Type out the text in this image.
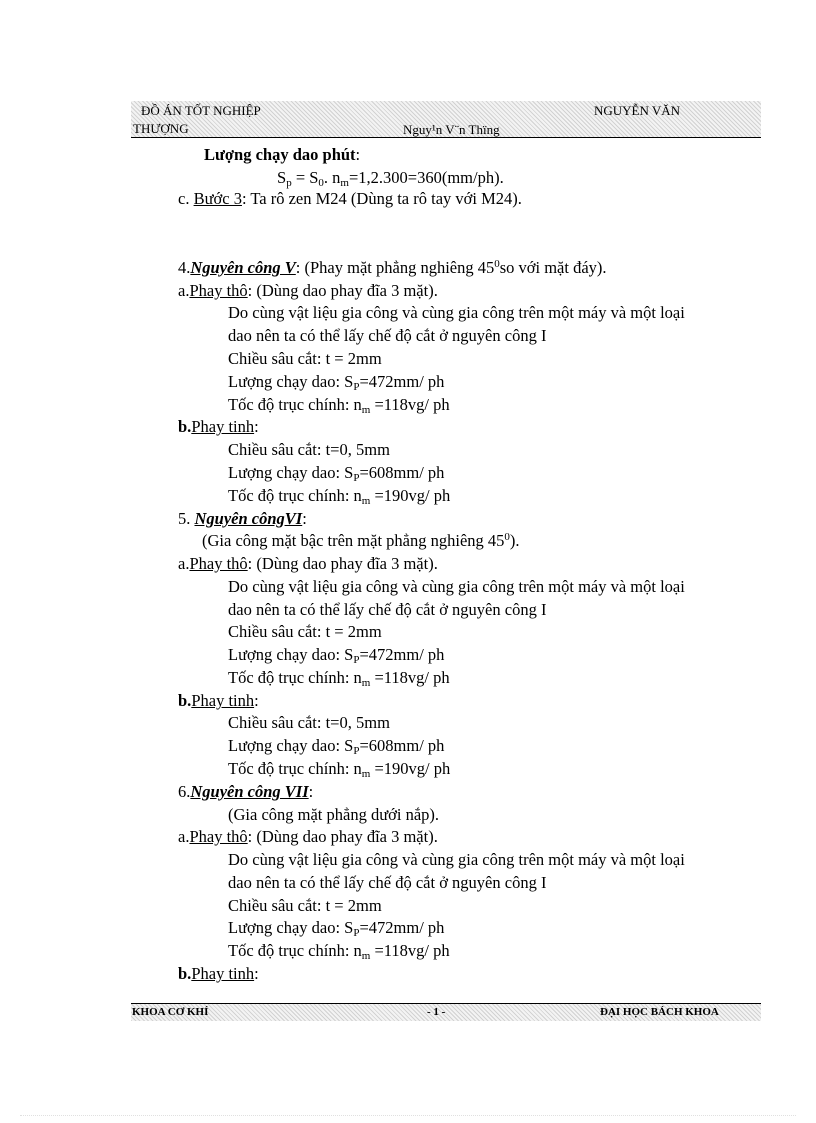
ĐỒ ÁN TỐT NGHIỆP	NGUYỄN VĂN
THƯỢNG	Nguy¹n V¨n Thïng
Lượng chạy dao phút:
$S_p = S_0$. $n_m=1,2.300=360(mm/ph)$.
c. Bước 3: Ta rô zen M24 (Dùng ta rô tay với M24).
4.Nguyên công V: (Phay mặt phẳng nghiêng $45^0so$ với mặt đáy).
a.Phay thô: (Dùng dao phay đĩa 3 mặt).
Do cùng vật liệu gia công và cùng gia công trên một máy và một loại
dao nên ta có thể lấy chế độ cắt ở nguyên công I
Chiều sâu cắt: t = 2mm
Lượng chạy dao: $S_P=472mm/$ ph
Tốc độ trục chính: $n_m =118vg/$ ph
b.Phay tinh:
Chiều sâu cắt: t=0, 5mm
Lượng chạy dao: $S_P=608mm/$ ph
Tốc độ trục chính: $n_m =190vg/$ ph
5. Nguyên côngVI:
(Gia công mặt bậc trên mặt phẳng nghiêng $45^0$).
a.Phay thô: (Dùng dao phay đĩa 3 mặt).
Do cùng vật liệu gia công và cùng gia công trên một máy và một loại
dao nên ta có thể lấy chế độ cắt ở nguyên công I
Chiều sâu cắt: t = 2mm
Lượng chạy dao: $S_P=472mm/$ ph
Tốc độ trục chính: $n_m =118vg/$ ph
b.Phay tinh:
Chiều sâu cắt: t=0, 5mm
Lượng chạy dao: $S_P=608mm/$ ph
Tốc độ trục chính: $n_m =190vg/$ ph
6.Nguyên công VII:
(Gia công mặt phẳng dưới nắp).
a.Phay thô: (Dùng dao phay đĩa 3 mặt).
Do cùng vật liệu gia công và cùng gia công trên một máy và một loại
dao nên ta có thể lấy chế độ cắt ở nguyên công I
Chiều sâu cắt: t = 2mm
Lượng chạy dao: $S_P=472mm/$ ph
Tốc độ trục chính: $n_m =118vg/$ ph
b.Phay tinh:
KHOA CƠ KHÍ	- 1 -	ĐẠI HỌC BÁCH KHOA
